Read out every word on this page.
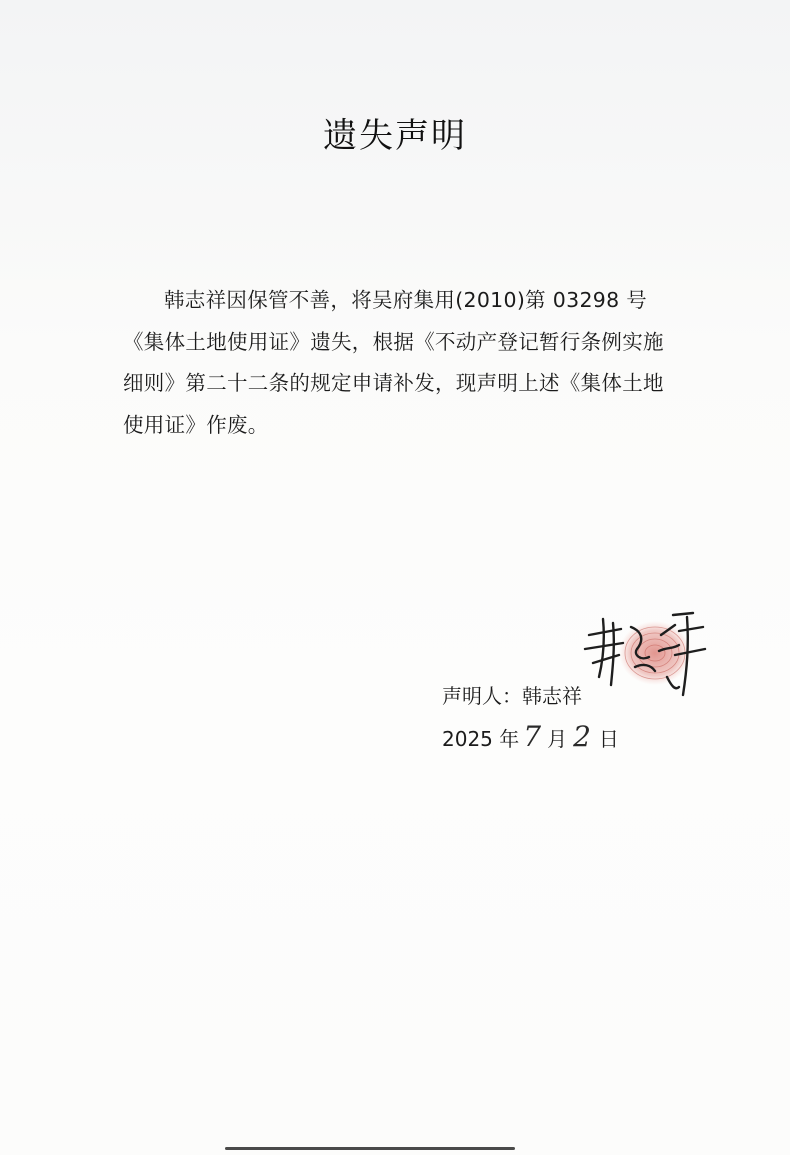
遗失声明
韩志祥因保管不善，将吴府集用(2010)第 03298 号《集体土地使用证》遗失，根据《不动产登记暂行条例实施细则》第二十二条的规定申请补发，现声明上述《集体土地使用证》作废。
声明人：韩志祥
2025 年 7 月 2 日
